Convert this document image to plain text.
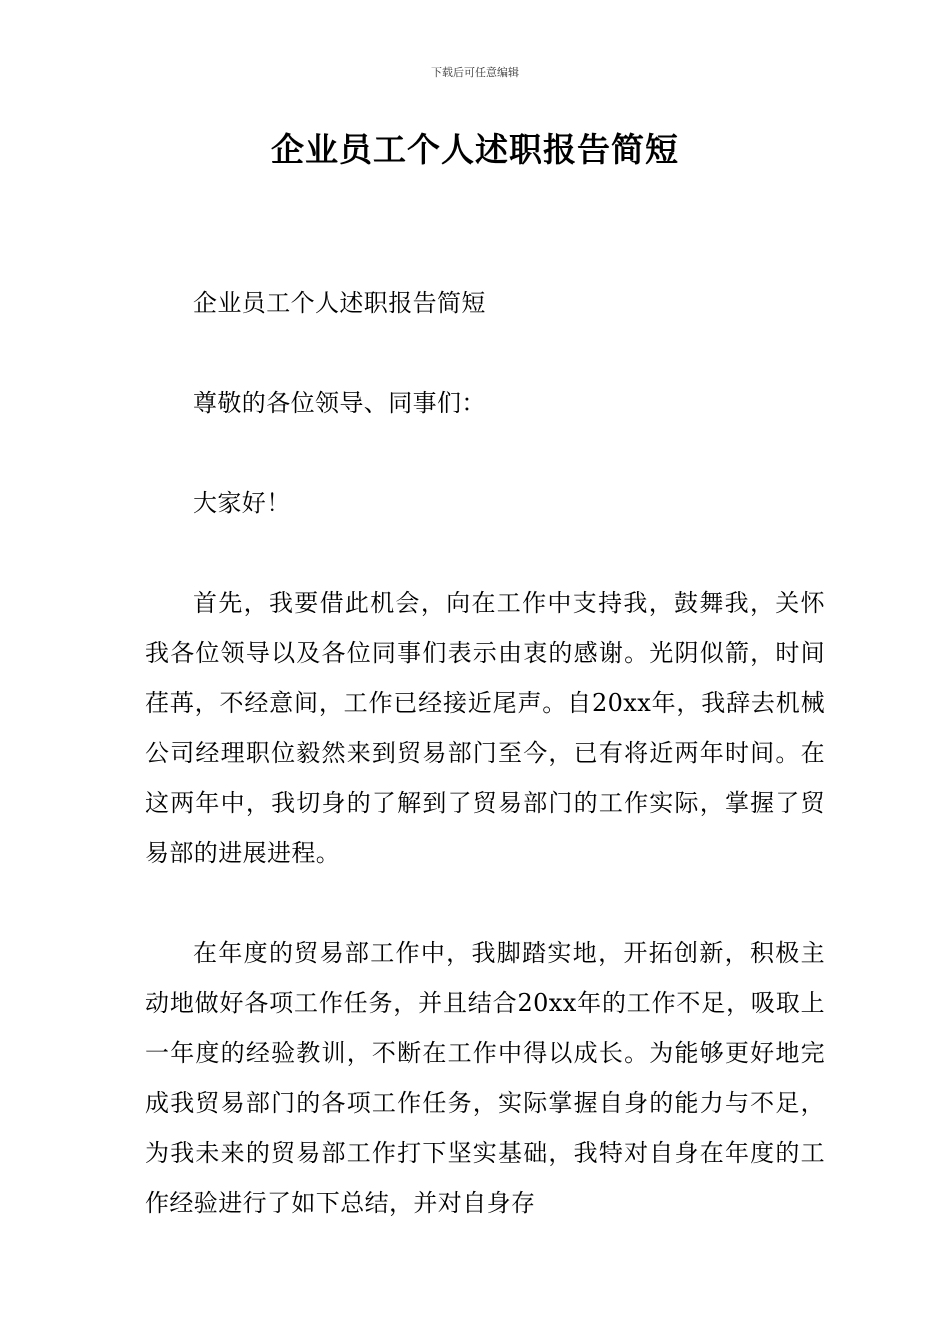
下载后可任意编辑
企业员工个人述职报告简短

企业员工个人述职报告简短

尊敬的各位领导、同事们：

大家好！

首先，我要借此机会，向在工作中支持我，鼓舞我，关怀我各位领导以及各位同事们表示由衷的感谢。光阴似箭，时间荏苒，不经意间，工作已经接近尾声。自20xx年，我辞去机械公司经理职位毅然来到贸易部门至今，已有将近两年时间。在这两年中，我切身的了解到了贸易部门的工作实际，掌握了贸易部的进展进程。

在年度的贸易部工作中，我脚踏实地，开拓创新，积极主动地做好各项工作任务，并且结合20xx年的工作不足，吸取上一年度的经验教训，不断在工作中得以成长。为能够更好地完成我贸易部门的各项工作任务，实际掌握自身的能力与不足，为我未来的贸易部工作打下坚实基础，我特对自身在年度的工作经验进行了如下总结，并对自身存
